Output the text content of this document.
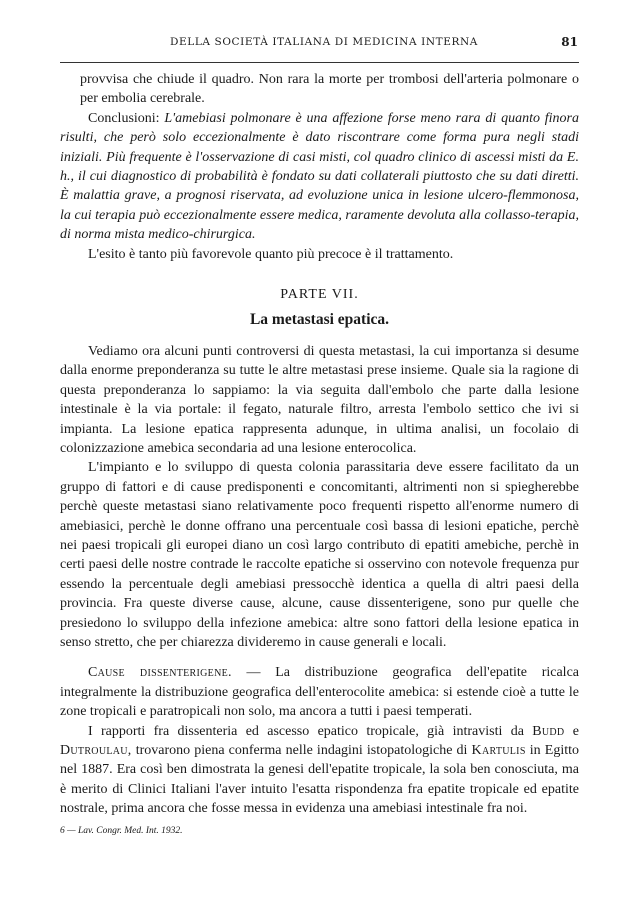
DELLA SOCIETÀ ITALIANA DI MEDICINA INTERNA	81

provvisa che chiude il quadro. Non rara la morte per trombosi dell'arteria polmonare o per embolia cerebrale.

Conclusioni: L'amebiasi polmonare è una affezione forse meno rara di quanto finora risulti, che però solo eccezionalmente è dato riscontrare come forma pura negli stadi iniziali. Più frequente è l'osservazione di casi misti, col quadro clinico di ascessi misti da E. h., il cui diagnostico di probabilità è fondato su dati collaterali piuttosto che su dati diretti. È malattia grave, a prognosi riservata, ad evoluzione unica in lesione ulcero-flemmonosa, la cui terapia può eccezionalmente essere medica, raramente devoluta alla collasso-terapia, di norma mista medico-chirurgica.

L'esito è tanto più favorevole quanto più precoce è il trattamento.

PARTE VII.

La metastasi epatica.

Vediamo ora alcuni punti controversi di questa metastasi, la cui importanza si desume dalla enorme preponderanza su tutte le altre metastasi prese insieme. Quale sia la ragione di questa preponderanza lo sappiamo: la via seguita dall'embolo che parte dalla lesione intestinale è la via portale: il fegato, naturale filtro, arresta l'embolo settico che ivi si impianta. La lesione epatica rappresenta adunque, in ultima analisi, un focolaio di colonizzazione amebica secondaria ad una lesione enterocolica.

L'impianto e lo sviluppo di questa colonia parassitaria deve essere facilitato da un gruppo di fattori e di cause predisponenti e concomitanti, altrimenti non si spiegherebbe perchè queste metastasi siano relativamente poco frequenti rispetto all'enorme numero di amebiasici, perchè le donne offrano una percentuale così bassa di lesioni epatiche, perchè nei paesi tropicali gli europei diano un così largo contributo di epatiti amebiche, perchè in certi paesi delle nostre contrade le raccolte epatiche si osservino con notevole frequenza pur essendo la percentuale degli amebiasi pressocchè identica a quella di altri paesi della provincia. Fra queste diverse cause, alcune, cause dissenterigene, sono pur quelle che presiedono lo sviluppo della infezione amebica: altre sono fattori della lesione epatica in senso stretto, che per chiarezza divideremo in cause generali e locali.

Cause dissenterigene. — La distribuzione geografica dell'epatite ricalca integralmente la distribuzione geografica dell'enterocolite amebica: si estende cioè a tutte le zone tropicali e paratropicali non solo, ma ancora a tutti i paesi temperati.

I rapporti fra dissenteria ed ascesso epatico tropicale, già intravisti da Budd e Dutroulau, trovarono piena conferma nelle indagini istopatologiche di Kartulis in Egitto nel 1887. Era così ben dimostrata la genesi dell'epatite tropicale, la sola ben conosciuta, ma è merito di Clinici Italiani l'aver intuito l'esatta rispondenza fra epatite tropicale ed epatite nostrale, prima ancora che fosse messa in evidenza una amebiasi intestinale fra noi.

6 — Lav. Congr. Med. Int. 1932.
